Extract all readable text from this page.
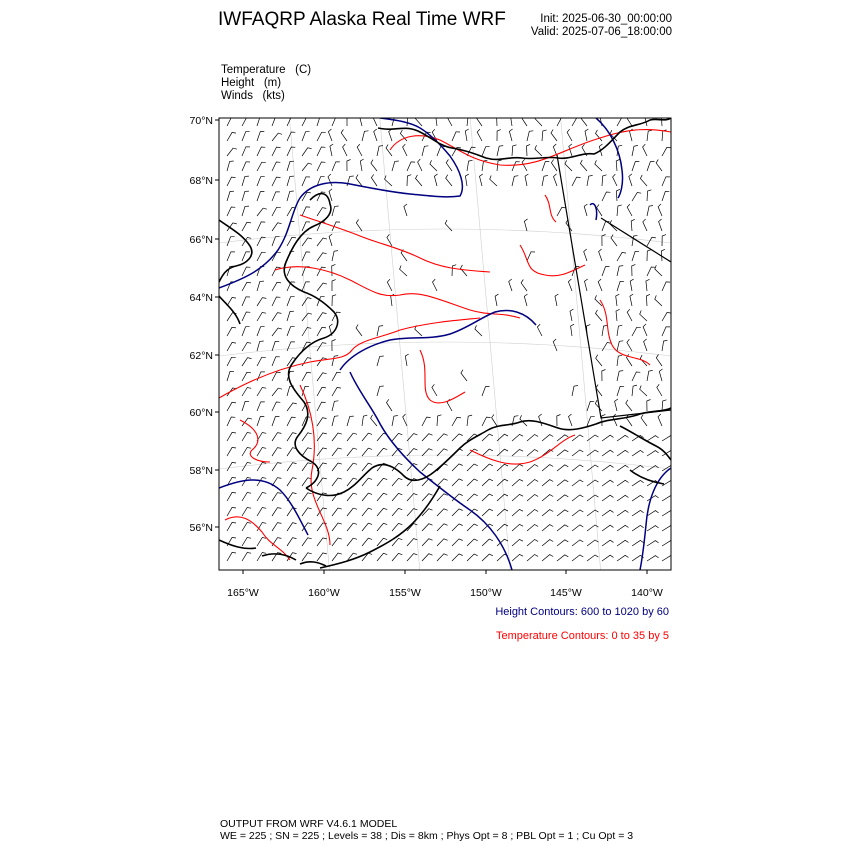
IWFAQRP Alaska Real Time WRF	Init: 2025-06-30_00:00:00
Valid: 2025-07-06_18:00:00
Temperature   (C)
Height   (m)
Winds   (kts)
70°N
68°N
66°N
64°N
62°N
60°N
58°N
56°N
165°W	160°W	155°W	150°W	145°W	140°W
Height Contours: 600 to 1020 by 60
Temperature Contours: 0 to 35 by 5
OUTPUT FROM WRF V4.6.1 MODEL
WE = 225 ; SN = 225 ; Levels = 38 ; Dis = 8km ; Phys Opt = 8 ; PBL Opt = 1 ; Cu Opt = 3
